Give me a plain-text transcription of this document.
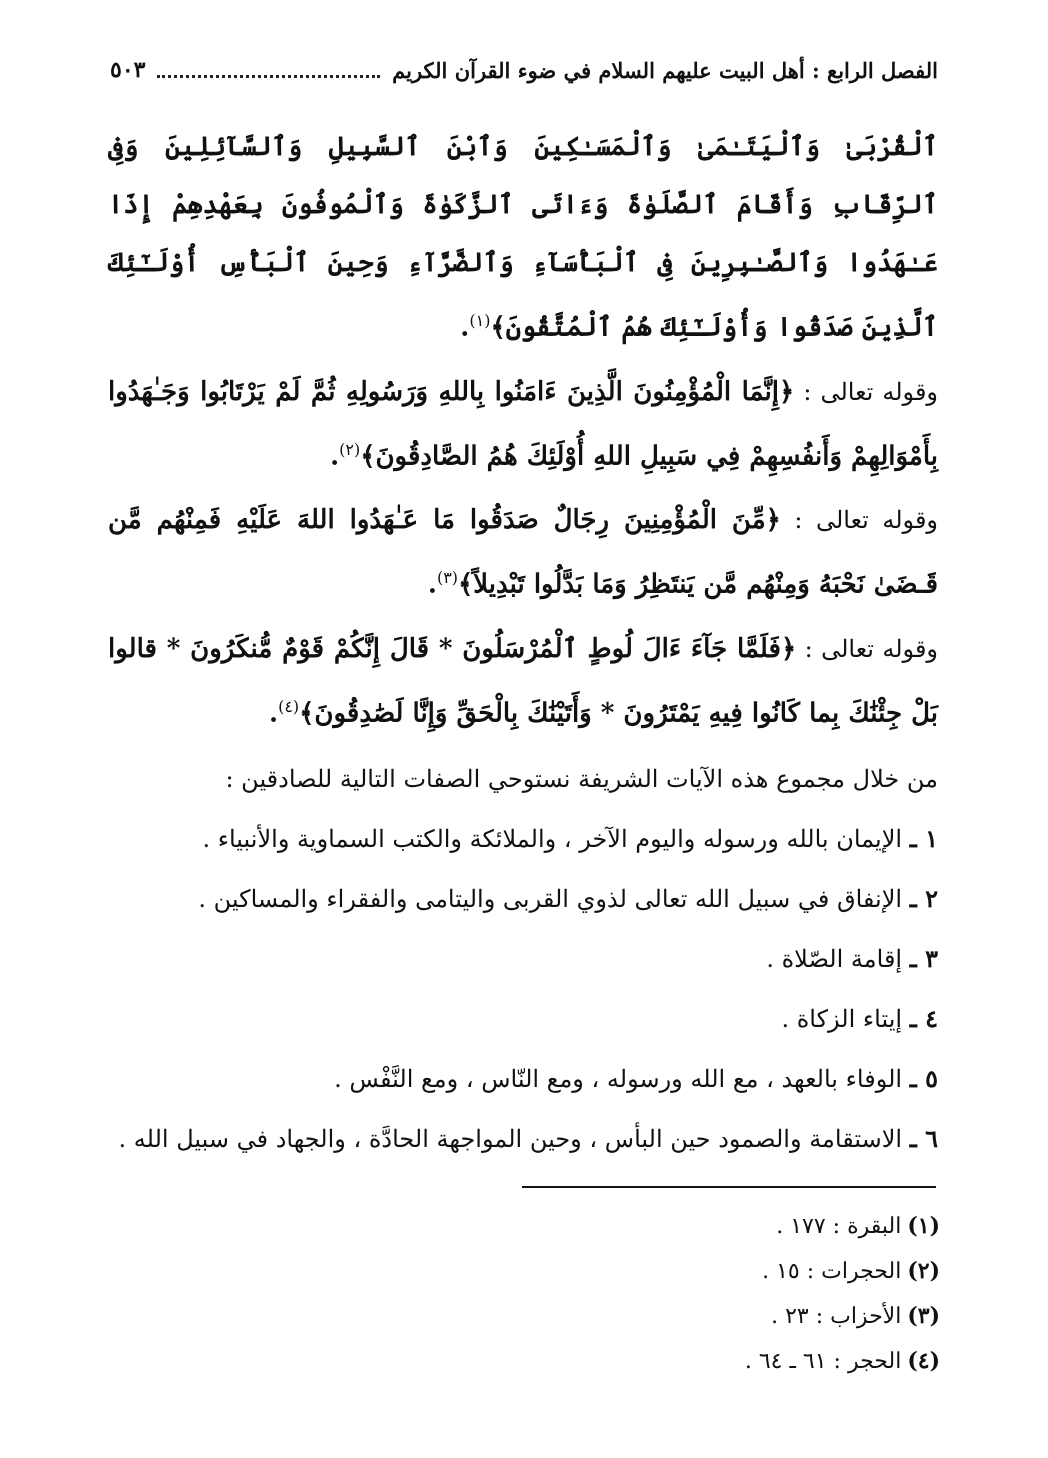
الفصل الرابع : أهل البيت عليهم السلام في ضوء القرآن الكريم
٥٠٣

ٱلْقُرْبَىٰ وَٱلْيَتَـٰمَىٰ وَٱلْمَسَـٰكِينَ وَٱبْنَ ٱلسَّبِيلِ وَٱلسَّآئِلِينَ وَفِى ٱلرِّقَابِ وَأَقَامَ ٱلصَّلَوٰةَ وَءَاتَى ٱلزَّكَوٰةَ وَٱلْمُوفُونَ بِعَهْدِهِمْ إِذَا عَـٰهَدُوا وَٱلصَّـٰبِرِينَ فِى ٱلْبَأْسَآءِ وَٱلضَّرَّآءِ وَحِينَ ٱلْبَأْسِ أُوْلَـٰٓئِكَ ٱلَّذِينَ صَدَقُوا وَأُوْلَـٰٓئِكَ هُمُ ٱلْمُتَّقُونَ﴾$^{(١)}$.

وقوله تعالى : ﴿إِنَّمَا الْمُؤْمِنُونَ الَّذِينَ ءَامَنُوا بِاللهِ وَرَسُولِهِ ثُمَّ لَمْ يَرْتَابُوا وَجَـٰهَدُوا بِأَمْوَالِهِمْ وَأَنفُسِهِمْ فِي سَبِيلِ اللهِ أُوْلَئِكَ هُمُ الصَّادِقُونَ﴾$^{(٢)}$.

وقوله تعالى : ﴿مِّنَ الْمُؤْمِنِينَ رِجَالٌ صَدَقُوا مَا عَـٰهَدُوا اللهَ عَلَيْهِ فَمِنْهُم مَّن قَـضَىٰ نَحْبَهُ وَمِنْهُم مَّن يَنتَظِرُ وَمَا بَدَّلُوا تَبْدِيلاً﴾$^{(٣)}$.

وقوله تعالى : ﴿فَلَمَّا جَآءَ ءَالَ لُوطٍ ٱلْمُرْسَلُونَ * قَالَ إِنَّكُمْ قَوْمٌ مُّنكَرُونَ * قالوا بَلْ جِئْنَٰكَ بِما كَانُوا فِيهِ يَمْتَرُونَ * وَأَتَيْنَٰكَ بِالْحَقِّ وَإِنَّا لَصَٰدِقُونَ﴾$^{(٤)}$.

من خلال مجموع هذه الآيات الشريفة نستوحي الصفات التالية للصادقين :

١ ـ الإيمان بالله ورسوله واليوم الآخر ، والملائكة والكتب السماوية والأنبياء .

٢ ـ الإنفاق في سبيل الله تعالى لذوي القربى واليتامى والفقراء والمساكين .

٣ ـ إقامة الصّلاة .

٤ ـ إيتاء الزكاة .

٥ ـ الوفاء بالعهد ، مع الله ورسوله ، ومع النّاس ، ومع النَّفْس .

٦ ـ الاستقامة والصمود حين البأس ، وحين المواجهة الحادَّة ، والجهاد في سبيل الله .

(١)البقرة : ١٧٧ .

(٢)الحجرات : ١٥ .

(٣)الأحزاب : ٢٣ .

(٤)الحجر : ٦١ ـ ٦٤ .
